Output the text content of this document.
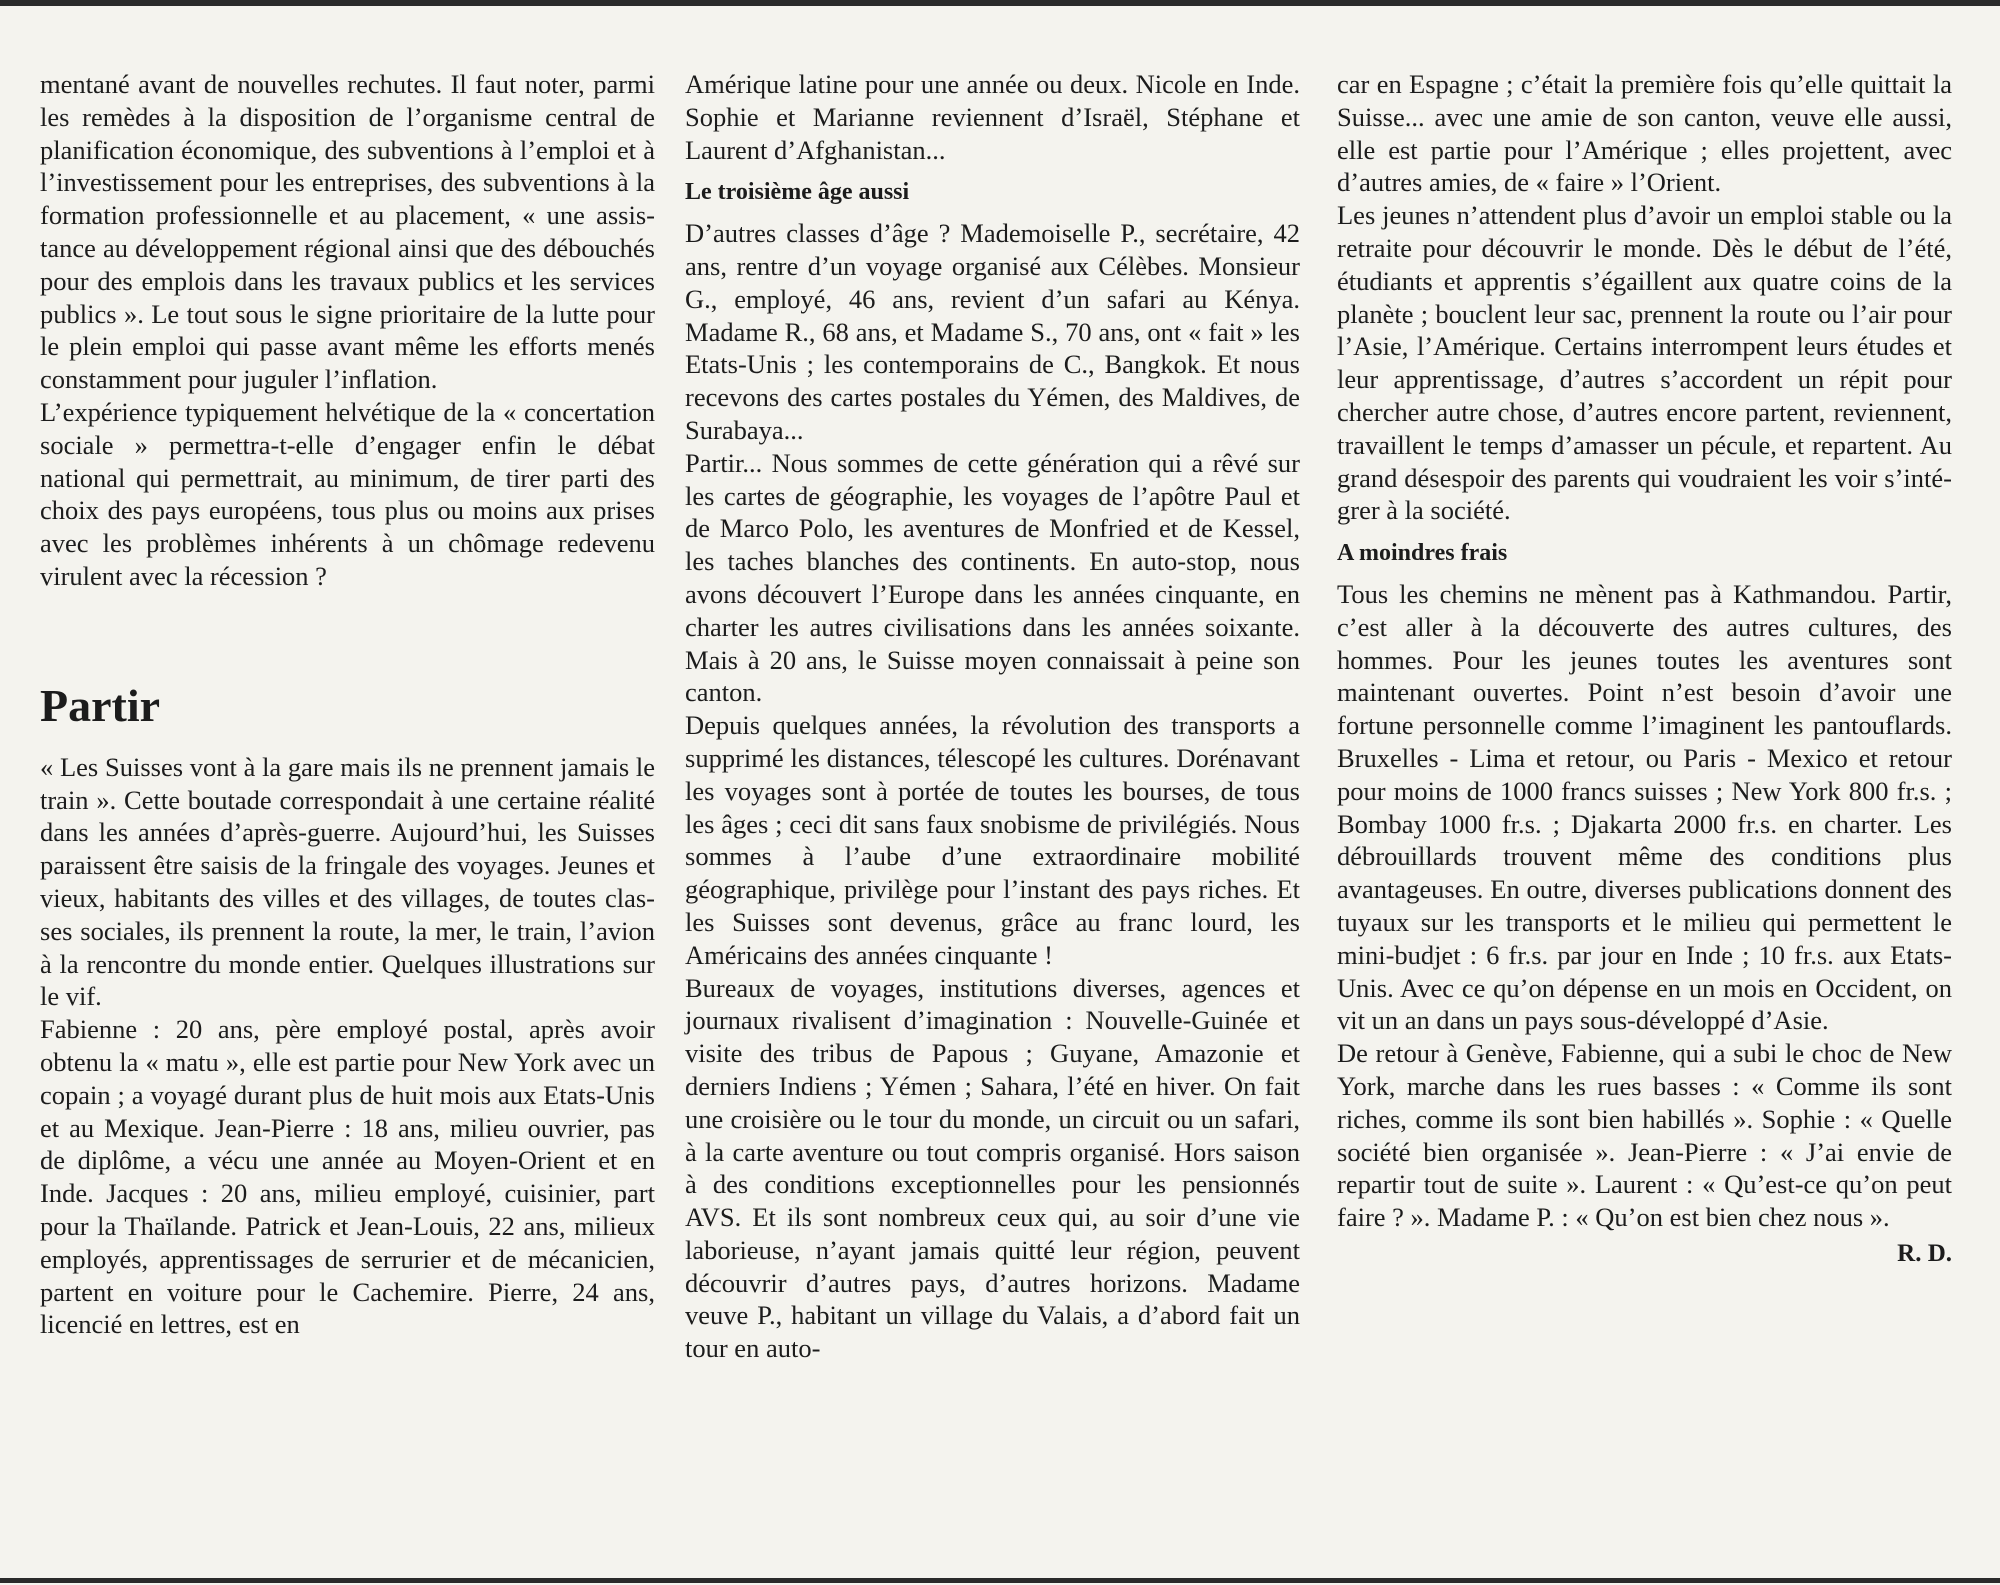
mentané avant de nouvelles rechutes. Il faut noter, parmi les remèdes à la disposition de l’organisme central de planification économique, des subventions à l’emploi et à l’investissement pour les entreprises, des subventions à la formation professionnelle et au placement, « une assistance au développement régional ainsi que des débouchés pour des emplois dans les travaux publics et les services publics ». Le tout sous le signe prioritaire de la lutte pour le plein emploi qui passe avant même les efforts menés constamment pour juguler l’inflation.

L’expérience typiquement helvétique de la « concertation sociale » permettra-t-elle d’engager enfin le débat national qui permettrait, au minimum, de tirer parti des choix des pays européens, tous plus ou moins aux prises avec les problèmes inhérents à un chômage redevenu virulent avec la récession ?

Partir

« Les Suisses vont à la gare mais ils ne prennent jamais le train ». Cette boutade correspondait à une certaine réalité dans les années d’après-guerre. Aujourd’hui, les Suisses paraissent être saisis de la fringale des voyages. Jeunes et vieux, habitants des villes et des villages, de toutes classes sociales, ils prennent la route, la mer, le train, l’avion à la rencontre du monde entier. Quelques illustrations sur le vif.

Fabienne : 20 ans, père employé postal, après avoir obtenu la « matu », elle est partie pour New York avec un copain ; a voyagé durant plus de huit mois aux Etats-Unis et au Mexique. Jean-Pierre : 18 ans, milieu ouvrier, pas de diplôme, a vécu une année au Moyen-Orient et en Inde. Jacques : 20 ans, milieu employé, cuisinier, part pour la Thaïlande. Patrick et Jean-Louis, 22 ans, milieux employés, apprentissages de serrurier et de mécanicien, partent en voiture pour le Cachemire. Pierre, 24 ans, licencié en lettres, est en

Amérique latine pour une année ou deux. Nicole en Inde. Sophie et Marianne reviennent d’Israël, Stéphane et Laurent d’Afghanistan...

Le troisième âge aussi

D’autres classes d’âge ? Mademoiselle P., secrétaire, 42 ans, rentre d’un voyage organisé aux Célèbes. Monsieur G., employé, 46 ans, revient d’un safari au Kénya. Madame R., 68 ans, et Madame S., 70 ans, ont « fait » les Etats-Unis ; les contemporains de C., Bangkok. Et nous recevons des cartes postales du Yémen, des Maldives, de Surabaya...

Partir... Nous sommes de cette génération qui a rêvé sur les cartes de géographie, les voyages de l’apôtre Paul et de Marco Polo, les aventures de Monfried et de Kessel, les taches blanches des continents. En auto-stop, nous avons découvert l’Europe dans les années cinquante, en charter les autres civilisations dans les années soixante. Mais à 20 ans, le Suisse moyen connaissait à peine son canton.

Depuis quelques années, la révolution des transports a supprimé les distances, télescopé les cultures. Dorénavant les voyages sont à portée de toutes les bourses, de tous les âges ; ceci dit sans faux snobisme de privilégiés. Nous sommes à l’aube d’une extraordinaire mobilité géographique, privilège pour l’instant des pays riches. Et les Suisses sont devenus, grâce au franc lourd, les Américains des années cinquante !

Bureaux de voyages, institutions diverses, agences et journaux rivalisent d’imagination : Nouvelle-Guinée et visite des tribus de Papous ; Guyane, Amazonie et derniers Indiens ; Yémen ; Sahara, l’été en hiver. On fait une croisière ou le tour du monde, un circuit ou un safari, à la carte aventure ou tout compris organisé. Hors saison à des conditions exceptionnelles pour les pensionnés AVS. Et ils sont nombreux ceux qui, au soir d’une vie laborieuse, n’ayant jamais quitté leur région, peuvent découvrir d’autres pays, d’autres horizons. Madame veuve P., habitant un village du Valais, a d’abord fait un tour en auto-

car en Espagne ; c’était la première fois qu’elle quittait la Suisse... avec une amie de son canton, veuve elle aussi, elle est partie pour l’Amérique ; elles projettent, avec d’autres amies, de « faire » l’Orient.

Les jeunes n’attendent plus d’avoir un emploi stable ou la retraite pour découvrir le monde. Dès le début de l’été, étudiants et apprentis s’égaillent aux quatre coins de la planète ; bouclent leur sac, prennent la route ou l’air pour l’Asie, l’Amérique. Certains interrompent leurs études et leur apprentissage, d’autres s’accordent un répit pour chercher autre chose, d’autres encore partent, reviennent, travaillent le temps d’amasser un pécule, et repartent. Au grand désespoir des parents qui voudraient les voir s’intégrer à la société.

A moindres frais

Tous les chemins ne mènent pas à Kathmandou. Partir, c’est aller à la découverte des autres cultures, des hommes. Pour les jeunes toutes les aventures sont maintenant ouvertes. Point n’est besoin d’avoir une fortune personnelle comme l’imaginent les pantouflards. Bruxelles - Lima et retour, ou Paris - Mexico et retour pour moins de 1000 francs suisses ; New York 800 fr.s. ; Bombay 1000 fr.s. ; Djakarta 2000 fr.s. en charter. Les débrouillards trouvent même des conditions plus avantageuses. En outre, diverses publications donnent des tuyaux sur les transports et le milieu qui permettent le mini-budjet : 6 fr.s. par jour en Inde ; 10 fr.s. aux Etats-Unis. Avec ce qu’on dépense en un mois en Occident, on vit un an dans un pays sous-développé d’Asie.

De retour à Genève, Fabienne, qui a subi le choc de New York, marche dans les rues basses : « Comme ils sont riches, comme ils sont bien habillés ». Sophie : « Quelle société bien organisée ». Jean-Pierre : « J’ai envie de repartir tout de suite ». Laurent : « Qu’est-ce qu’on peut faire ? ». Madame P. : « Qu’on est bien chez nous ».

R. D.
